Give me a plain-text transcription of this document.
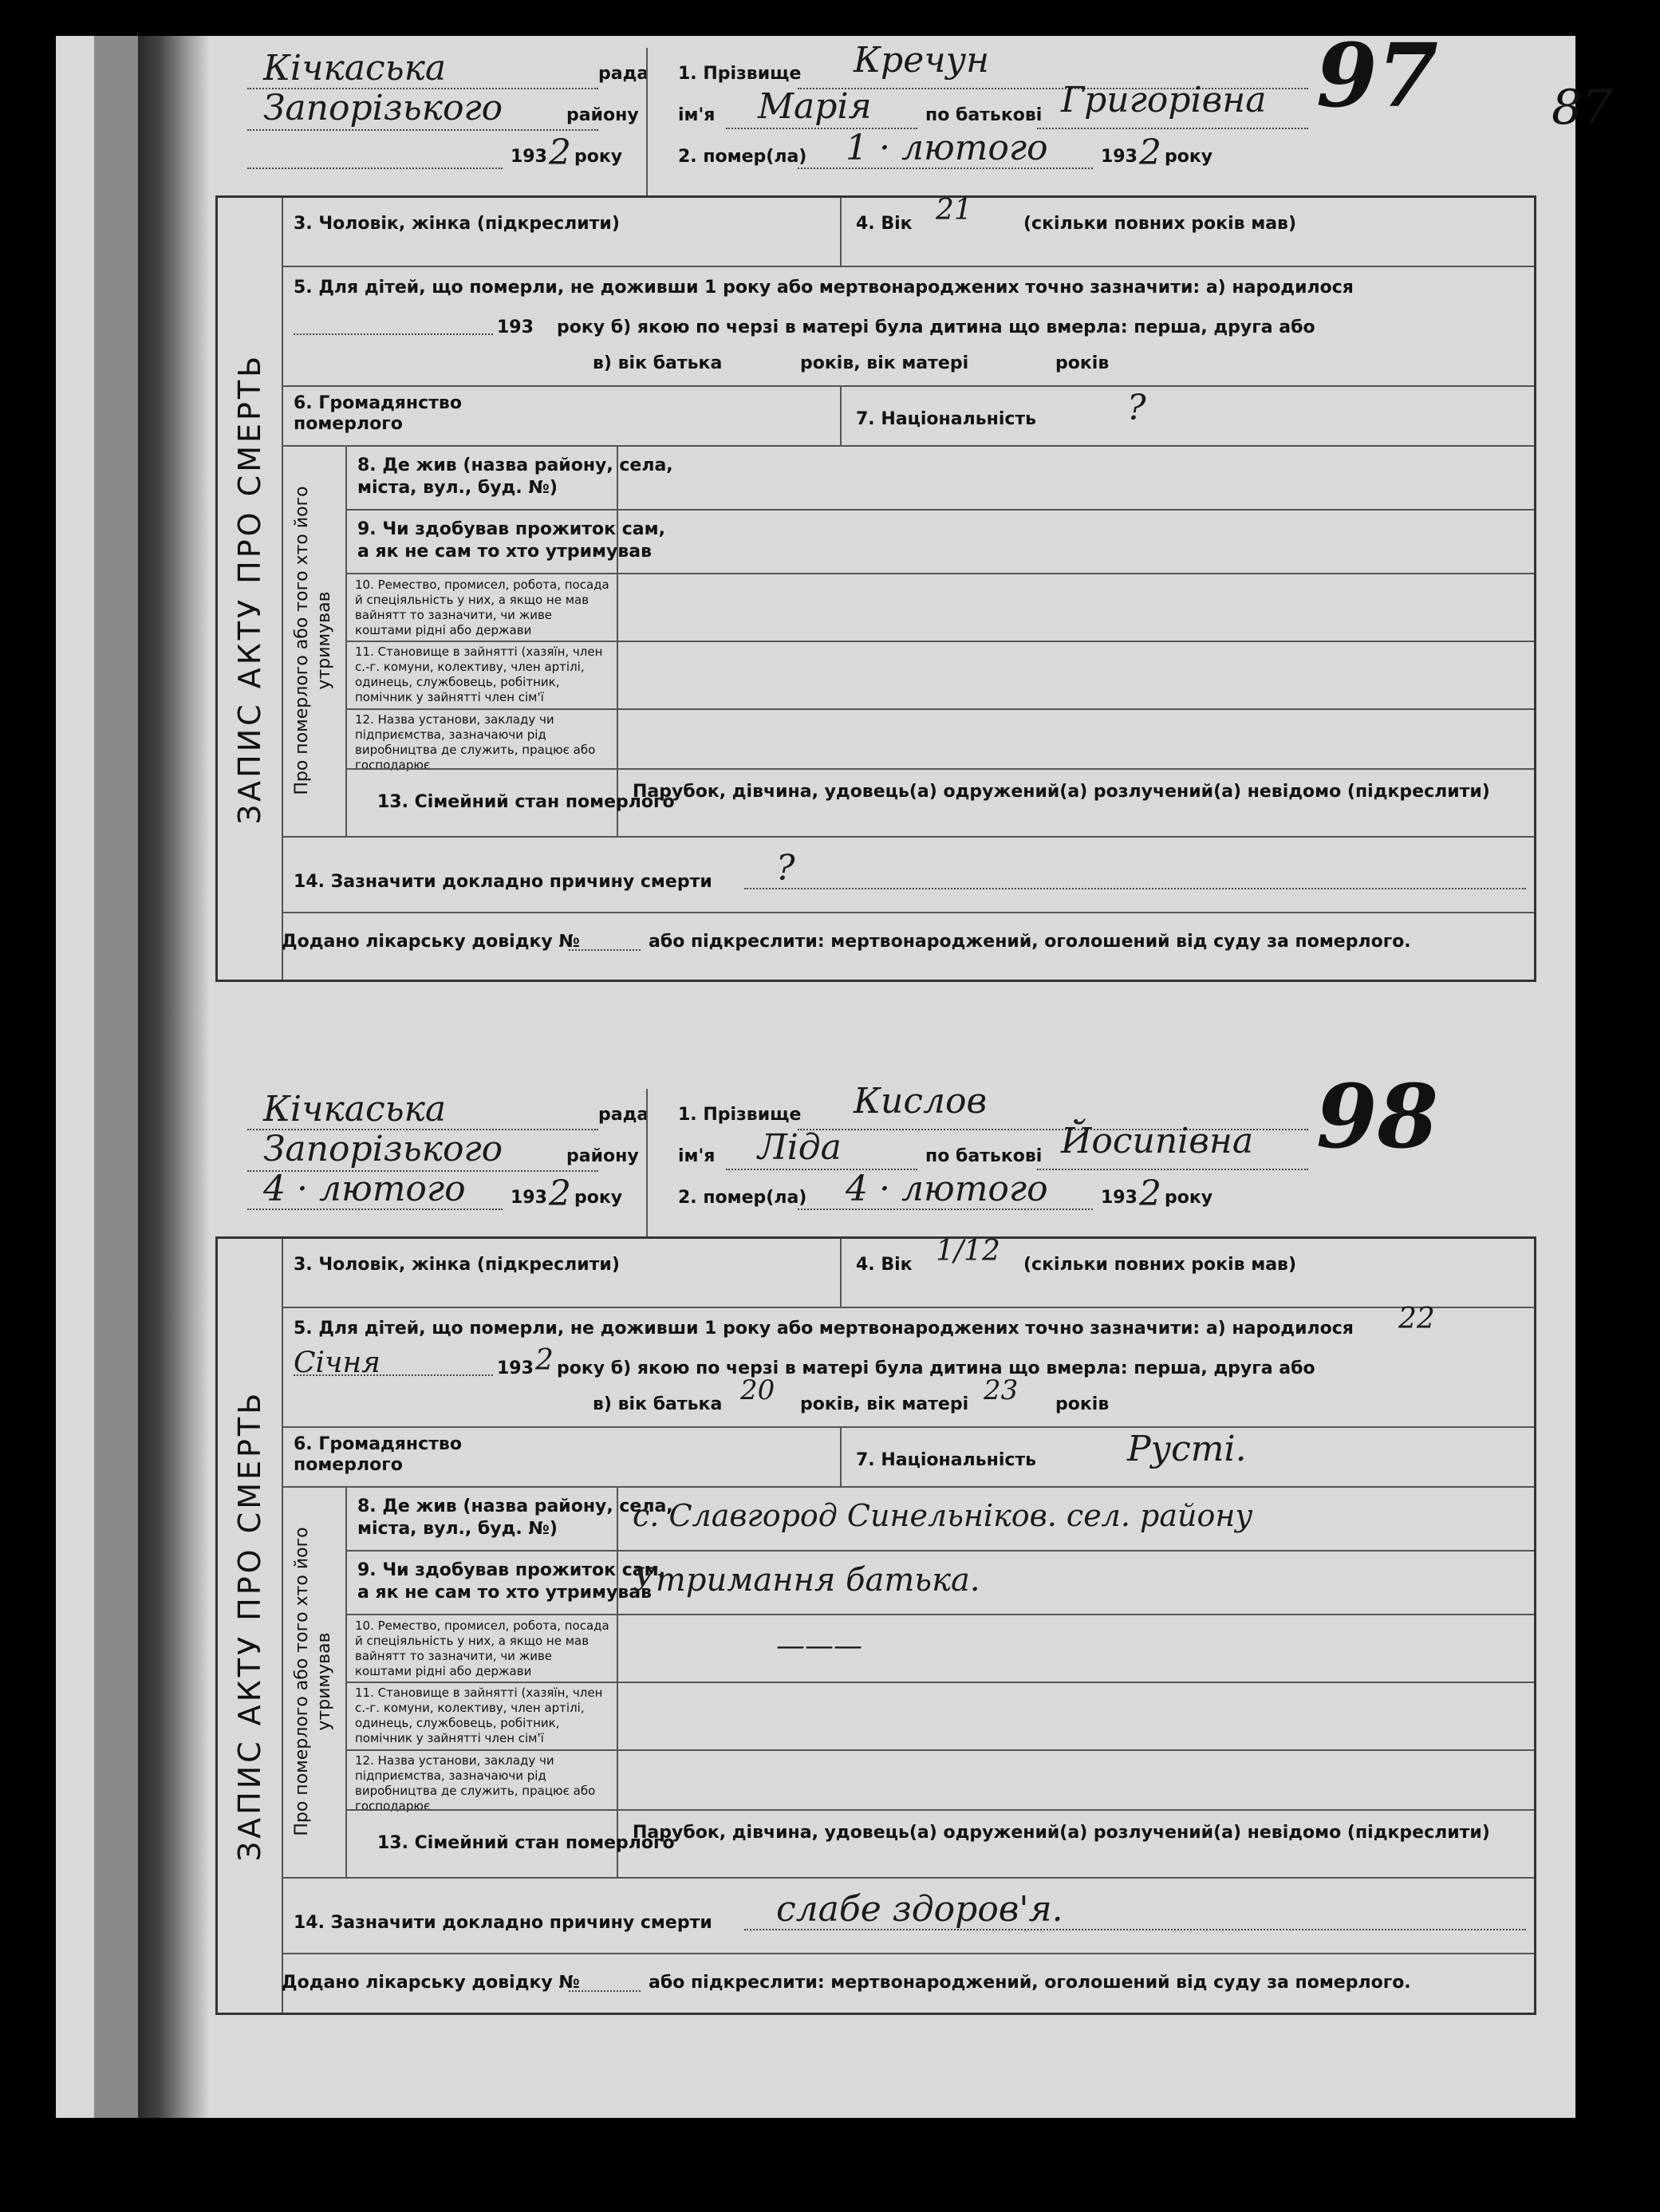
87
Кічкаська	рада
Запорізького	району
193 2 року
1. Прізвище Кречун
ім'я Марія	по батькові Григорівна
2. помер(ла) 1 · лютого	193 2 року
97
ЗАПИС АКТУ ПРО СМЕРТЬ
3. Чоловік, жінка (підкреслити)	4. Вік 21	(скільки повних років мав)
5. Для дітей, що померли, не доживши 1 року або мертвонароджених точно зазначити: а) народилося
193 року б) якою по черзі в матері була дитина що вмерла: перша, друга або
в) вік батька	років, вік матері	років
6. Громадянство
померлого	7. Національність	?
Про померлого або того хто його
утримував
8. Де жив (назва району, села,
міста, вул., буд. №)
9. Чи здобував прожиток сам,
а як не сам то хто утримував
10. Ремество, промисел, робота, посада й спеціяльність у них, а якщо не мав вайнятт то зазначити, чи живе коштами рідні або держави
11. Становище в зайнятті (хазяїн, член с.-г. комуни, колективу, член артілі, одинець, службовець, робітник, помічник у зайнятті член сім'ї
12. Назва установи, закладу чи підприємства, зазначаючи рід виробництва де служить, працює або господарює
13. Сімейний стан померлого
Парубок, дівчина, удовець(а) одружений(а) розлучений(а) невідомо (підкреслити)
14. Зазначити докладно причину смерти ?
Додано лікарську довідку №	або підкреслити: мертвонароджений, оголошений від суду за померлого.
Кічкаська	рада
Запорізького	району
4 · лютого	193 2 року
1. Прізвище Кислов
ім'я Ліда	по батькові Йосипівна
2. помер(ла) 4 · лютого	193 2 року
98
ЗАПИС АКТУ ПРО СМЕРТЬ
3. Чоловік, жінка (підкреслити)	4. Вік 1/12 (скільки повних років мав)
5. Для дітей, що померли, не доживши 1 року або мертвонароджених точно зазначити: а) народилося 22
Січня	193 2 року б) якою по черзі в матері була дитина що вмерла: перша, друга або
в) вік батька 20 років, вік матері 23 років
6. Громадянство
померлого	7. Національність	Русті.
Про померлого або того хто його
утримував
8. Де жив (назва району, села,
міста, вул., буд. №)	с. Славгород Синельніков. сел. району
9. Чи здобував прожиток сам,
а як не сам то хто утримував
Утримання батька.
10. Ремество, промисел, робота, посада й спеціяльність у них, а якщо не мав вайнятт то зазначити, чи живе коштами рідні або держави
———
11. Становище в зайнятті (хазяїн, член с.-г. комуни, колективу, член артілі, одинець, службовець, робітник, помічник у зайнятті член сім'ї
12. Назва установи, закладу чи підприємства, зазначаючи рід виробництва де служить, працює або господарює
13. Сімейний стан померлого
Парубок, дівчина, удовець(а) одружений(а) розлучений(а) невідомо (підкреслити)
14. Зазначити докладно причину смерти слабе здоров'я.
Додано лікарську довідку №	або підкреслити: мертвонароджений, оголошений від суду за померлого.
